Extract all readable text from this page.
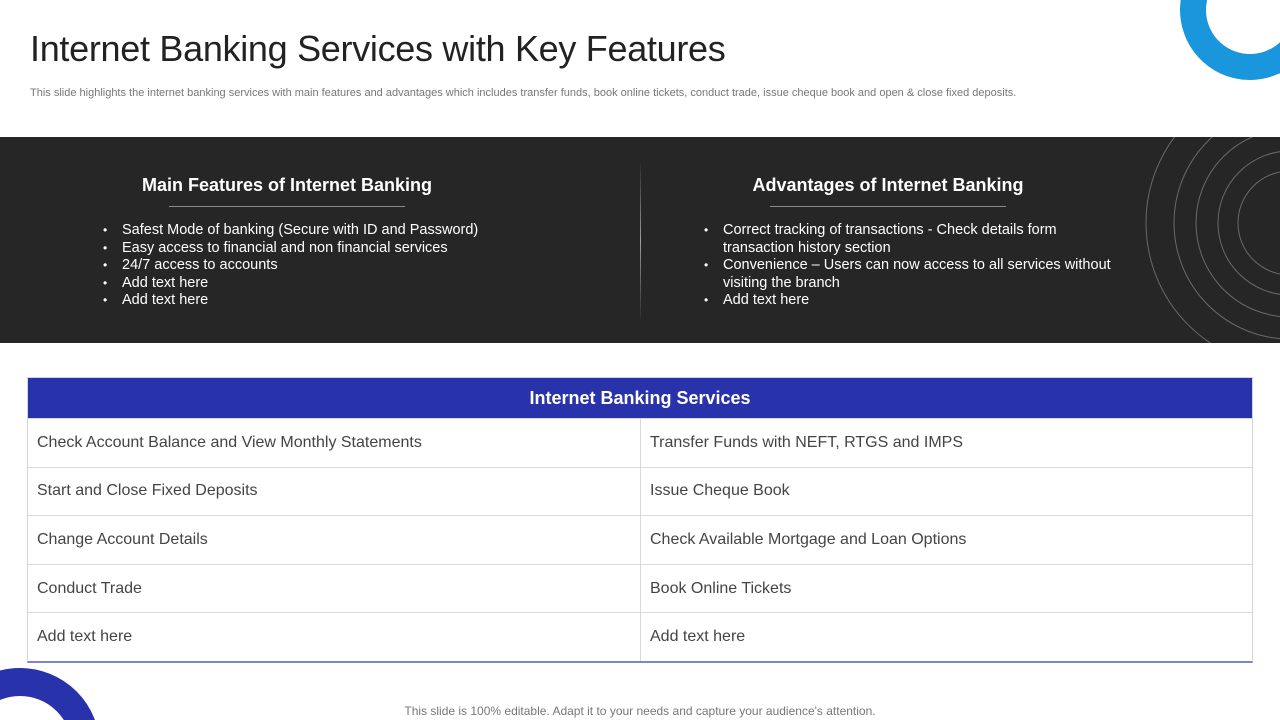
Internet Banking Services with Key Features

This slide highlights the internet banking services with main features and advantages which includes transfer funds, book online tickets, conduct trade, issue cheque book and open & close fixed deposits.

Main Features of Internet Banking
• Safest Mode of banking (Secure with ID and Password)
• Easy access to financial and non financial services
• 24/7 access to accounts
• Add text here
• Add text here
Advantages of Internet Banking
• Correct tracking of transactions - Check details form
transaction history section
• Convenience – Users can now access to all services without
visiting the branch
• Add text here
Internet Banking Services
Check Account Balance and View Monthly Statements	Transfer Funds with NEFT, RTGS and IMPS
Start and Close Fixed Deposits	Issue Cheque Book
Change Account Details	Check Available Mortgage and Loan Options
Conduct Trade	Book Online Tickets
Add text here	Add text here

This slide is 100% editable. Adapt it to your needs and capture your audience's attention.
